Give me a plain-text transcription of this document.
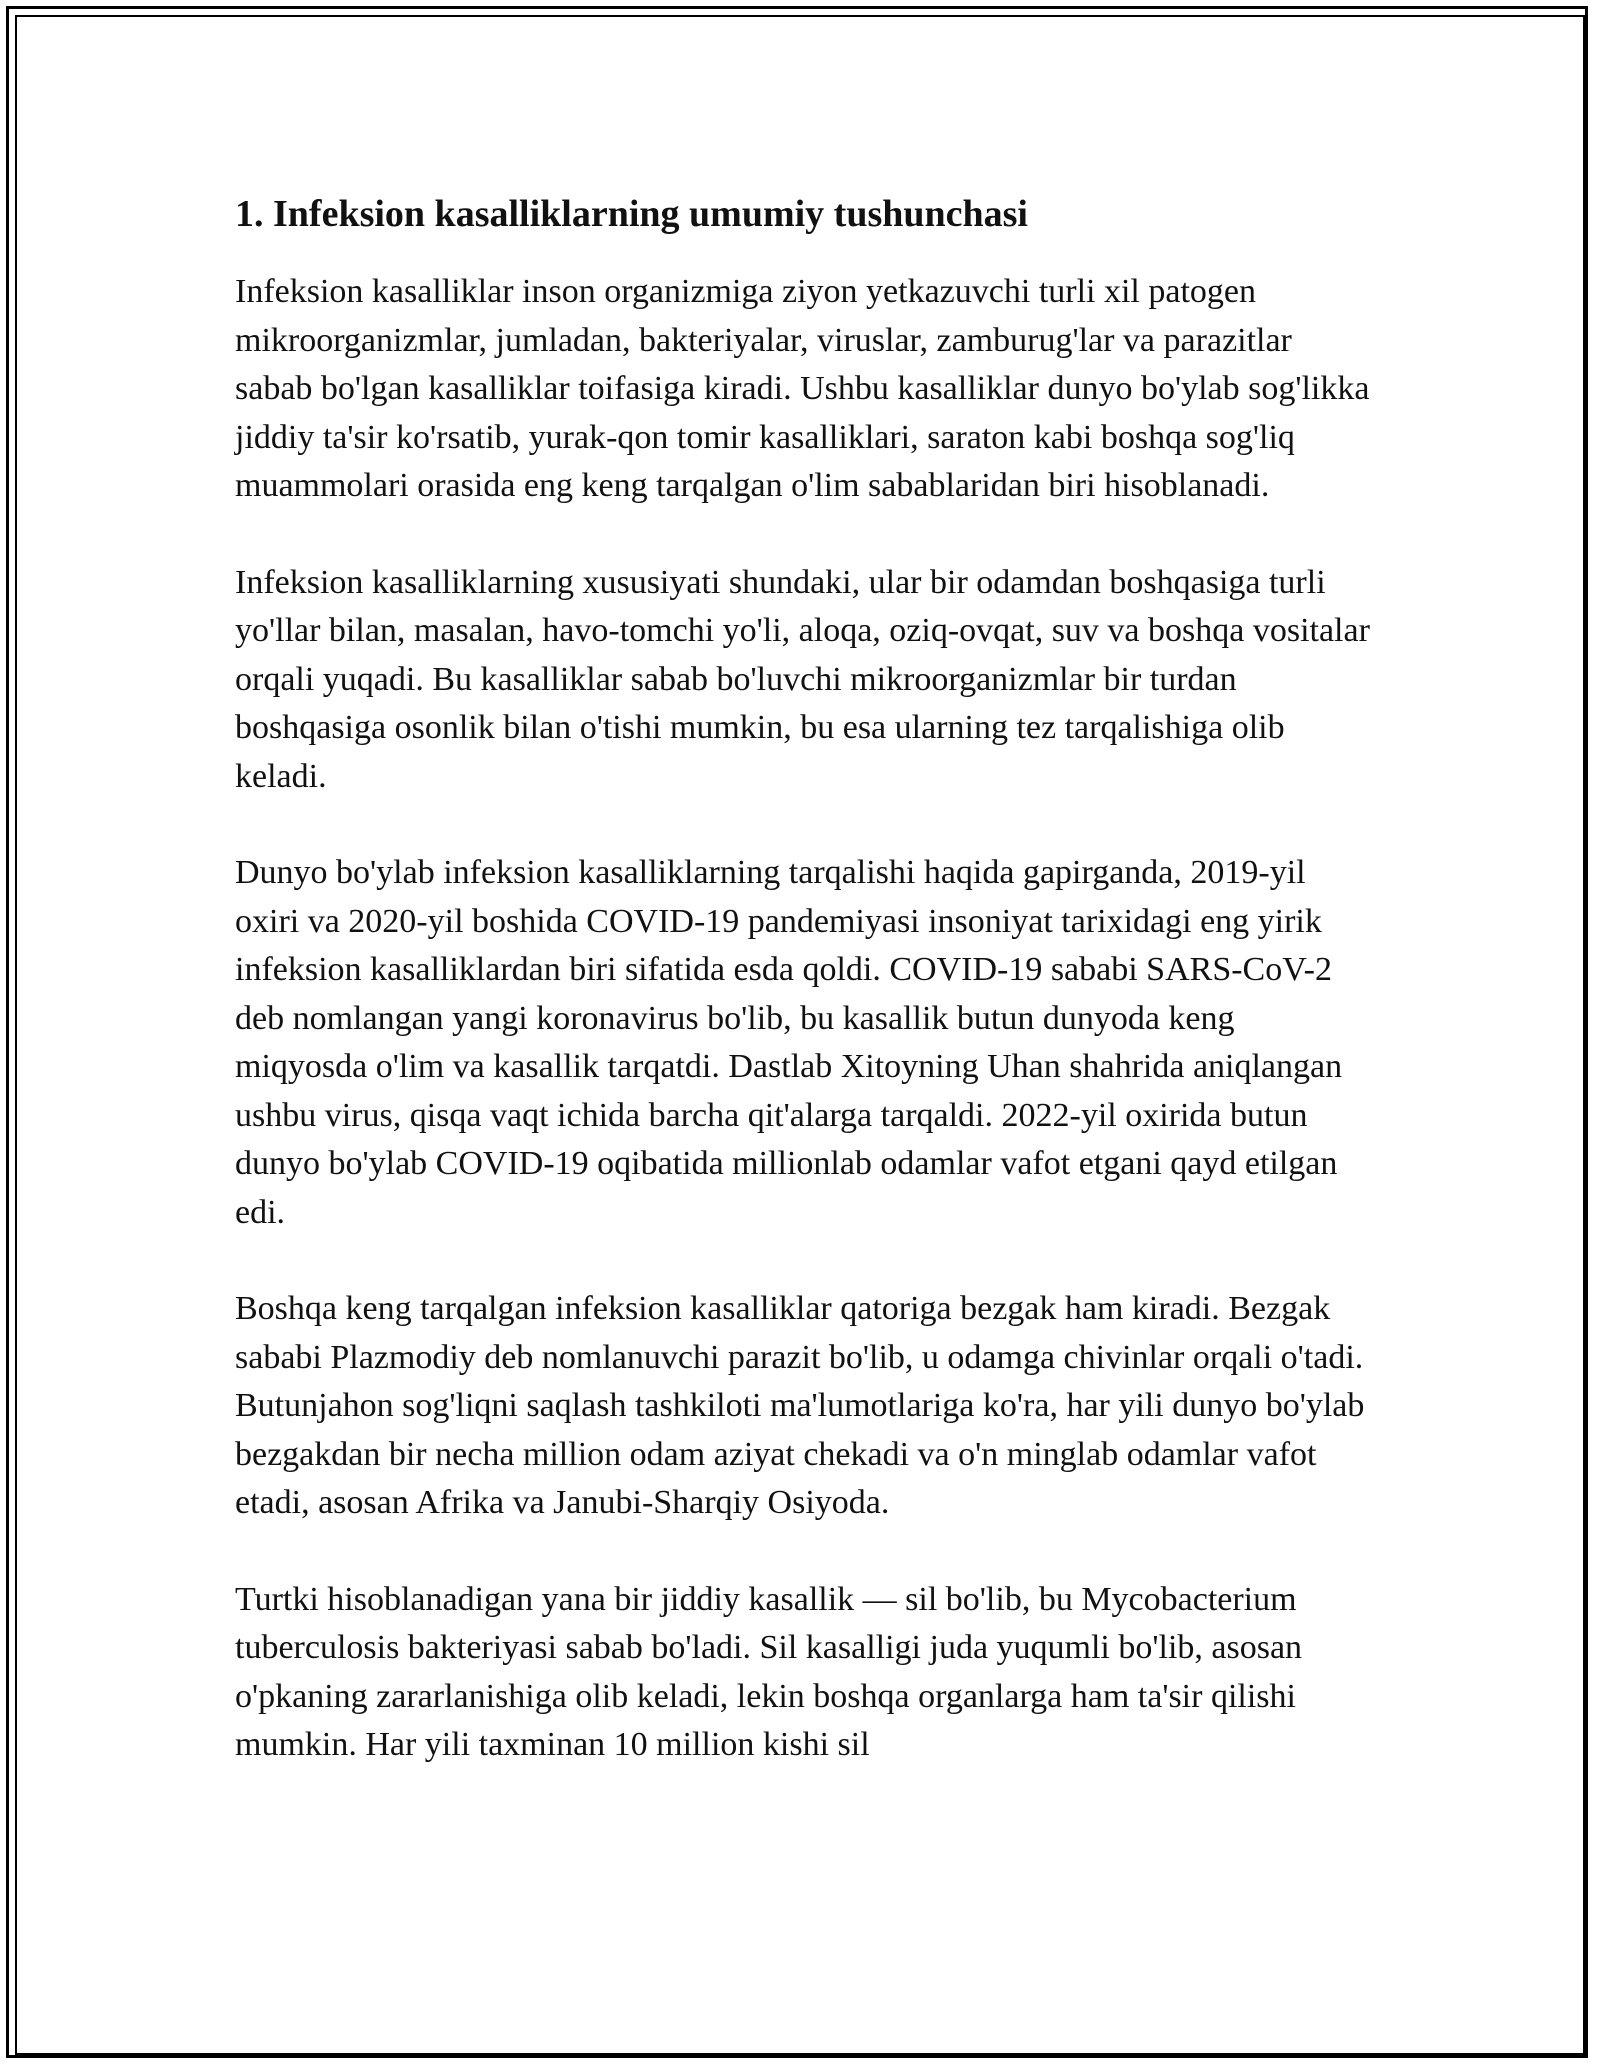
1. Infeksion kasalliklarning umumiy tushunchasi

Infeksion kasalliklar inson organizmiga ziyon yetkazuvchi turli xil patogen mikroorganizmlar, jumladan, bakteriyalar, viruslar, zamburug'lar va parazitlar sabab bo'lgan kasalliklar toifasiga kiradi. Ushbu kasalliklar dunyo bo'ylab sog'likka jiddiy ta'sir ko'rsatib, yurak-qon tomir kasalliklari, saraton kabi boshqa sog'liq muammolari orasida eng keng tarqalgan o'lim sabablaridan biri hisoblanadi.

Infeksion kasalliklarning xususiyati shundaki, ular bir odamdan boshqasiga turli yo'llar bilan, masalan, havo-tomchi yo'li, aloqa, oziq-ovqat, suv va boshqa vositalar orqali yuqadi. Bu kasalliklar sabab bo'luvchi mikroorganizmlar bir turdan boshqasiga osonlik bilan o'tishi mumkin, bu esa ularning tez tarqalishiga olib keladi.

Dunyo bo'ylab infeksion kasalliklarning tarqalishi haqida gapirganda, 2019-yil oxiri va 2020-yil boshida COVID-19 pandemiyasi insoniyat tarixidagi eng yirik infeksion kasalliklardan biri sifatida esda qoldi. COVID-19 sababi SARS-CoV-2 deb nomlangan yangi koronavirus bo'lib, bu kasallik butun dunyoda keng miqyosda o'lim va kasallik tarqatdi. Dastlab Xitoyning Uhan shahrida aniqlangan ushbu virus, qisqa vaqt ichida barcha qit'alarga tarqaldi. 2022-yil oxirida butun dunyo bo'ylab COVID-19 oqibatida millionlab odamlar vafot etgani qayd etilgan edi.

Boshqa keng tarqalgan infeksion kasalliklar qatoriga bezgak ham kiradi. Bezgak sababi Plazmodiy deb nomlanuvchi parazit bo'lib, u odamga chivinlar orqali o'tadi. Butunjahon sog'liqni saqlash tashkiloti ma'lumotlariga ko'ra, har yili dunyo bo'ylab bezgakdan bir necha million odam aziyat chekadi va o'n minglab odamlar vafot etadi, asosan Afrika va Janubi-Sharqiy Osiyoda.

Turtki hisoblanadigan yana bir jiddiy kasallik — sil bo'lib, bu Mycobacterium tuberculosis bakteriyasi sabab bo'ladi. Sil kasalligi juda yuqumli bo'lib, asosan o'pkaning zararlanishiga olib keladi, lekin boshqa organlarga ham ta'sir qilishi mumkin. Har yili taxminan 10 million kishi sil
